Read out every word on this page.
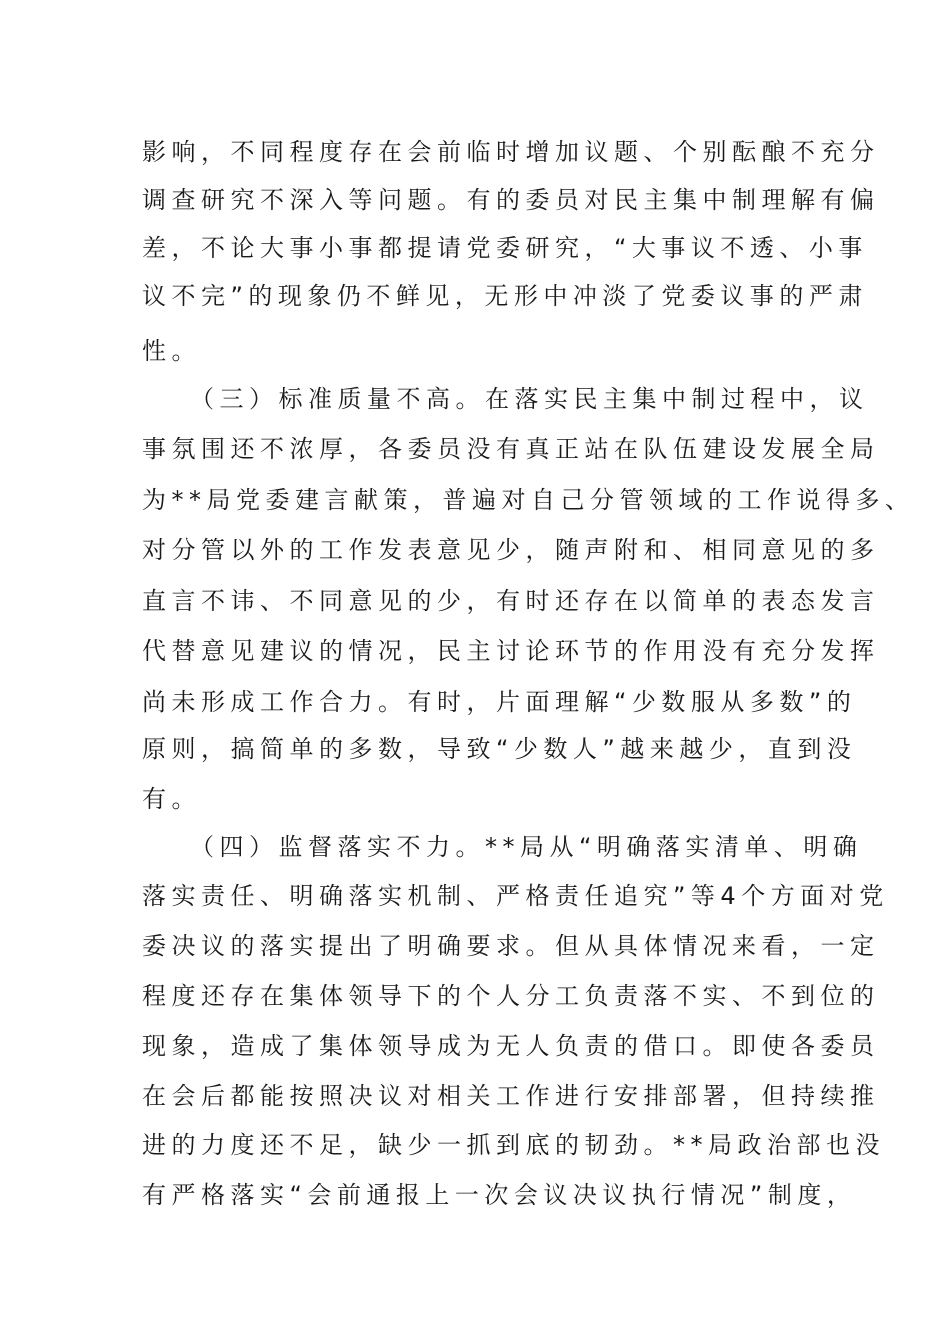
影响，不同程度存在会前临时增加议题、个别酝酿不充分
调查研究不深入等问题。有的委员对民主集中制理解有偏
差，不论大事小事都提请党委研究，“大事议不透、小事
议不完”的现象仍不鲜见，无形中冲淡了党委议事的严肃
性。
（三）标准质量不高。在落实民主集中制过程中，议
事氛围还不浓厚，各委员没有真正站在队伍建设发展全局
为**局党委建言献策，普遍对自己分管领域的工作说得多、
对分管以外的工作发表意见少，随声附和、相同意见的多
直言不讳、不同意见的少，有时还存在以简单的表态发言
代替意见建议的情况，民主讨论环节的作用没有充分发挥
尚未形成工作合力。有时，片面理解“少数服从多数”的
原则，搞简单的多数，导致“少数人”越来越少，直到没
有。
（四）监督落实不力。**局从“明确落实清单、明确
落实责任、明确落实机制、严格责任追究”等4个方面对党
委决议的落实提出了明确要求。但从具体情况来看，一定
程度还存在集体领导下的个人分工负责落不实、不到位的
现象，造成了集体领导成为无人负责的借口。即使各委员
在会后都能按照决议对相关工作进行安排部署，但持续推
进的力度还不足，缺少一抓到底的韧劲。**局政治部也没
有严格落实“会前通报上一次会议决议执行情况”制度，
